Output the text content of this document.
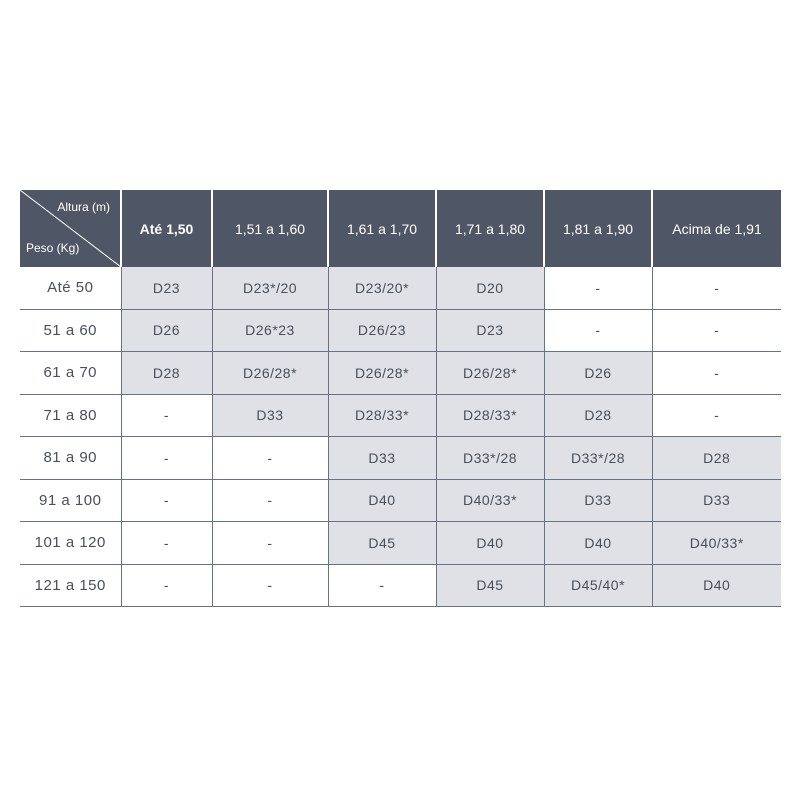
Altura (m)
Peso (Kg)	Até 1,50	1,51 a 1,60	1,61 a 1,70	1,71 a 1,80	1,81 a 1,90	Acima de 1,91
Até 50	D23	D23*/20	D23/20*	D20	-	-
51 a 60	D26	D26*23	D26/23	D23	-	-
61 a 70	D28	D26/28*	D26/28*	D26/28*	D26	-
71 a 80	-	D33	D28/33*	D28/33*	D28	-
81 a 90	-	-	D33	D33*/28	D33*/28	D28
91 a 100	-	-	D40	D40/33*	D33	D33
101 a 120	-	-	D45	D40	D40	D40/33*
121 a 150	-	-	-	D45	D45/40*	D40
